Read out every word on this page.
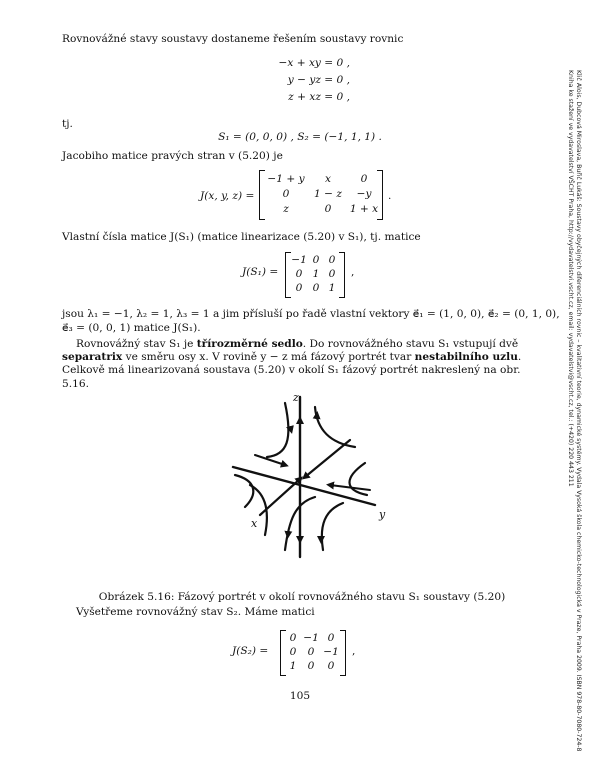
Rovnovážné stavy soustavy dostaneme řešením soustavy rovnic
−x + xy = 0 ,
y − yz = 0 ,
z + xz = 0 ,
tj.
S₁ = (0, 0, 0) , S₂ = (−1, 1, 1) .
Jacobiho matice pravých stran v (5.20) je
J(x, y, z) =
−1 + y	x	0
0	1 − z	−y
z	0	1 + x
.
Vlastní čísla matice J(S₁) (matice linearizace (5.20) v S₁), tj. matice
J(S₁) =
−1 0 0
0 1 0
0 0 1
,
jsou λ₁ = −1, λ₂ = 1, λ₃ = 1 a jim přísluší po řadě vlastní vektory e⃗₁ = (1, 0, 0), e⃗₂ = (0, 1, 0),
e⃗₃ = (0, 0, 1) matice J(S₁).
Rovnovážný stav S₁ je třírozměrné sedlo. Do rovnovážného stavu S₁ vstupují dvě separatrix ve směru osy x. V rovině y − z má fázový portrét tvar nestabilního uzlu. Celkově má linearizovaná soustava (5.20) v okolí S₁ fázový portrét nakreslený na obr. 5.16.
z
x
y
Obrázek 5.16: Fázový portrét v okolí rovnovážného stavu S₁ soustavy (5.20)
Vyšetřeme rovnovážný stav S₂. Máme matici
J(S₂) =
0 −1 0
0	0 −1
1	0	0
,
105	Klič Alois, Dubcová Miroslava, Buřič Lukáš: Soustavy obyčejných diferenciálních rovnic – kvalitativní teorie, dynamické systémy. Vydala Vysoká škola chemicko-technologická v Praze, Praha 2009. ISBN 978-80-7080-724-8
Kniha ke stažení ve vydavatelství VŠCHT Praha, http://vydavatelstvi.vscht.cz, email: vydavatelstvi@vscht.cz, tel.: (+420) 220 443 211
